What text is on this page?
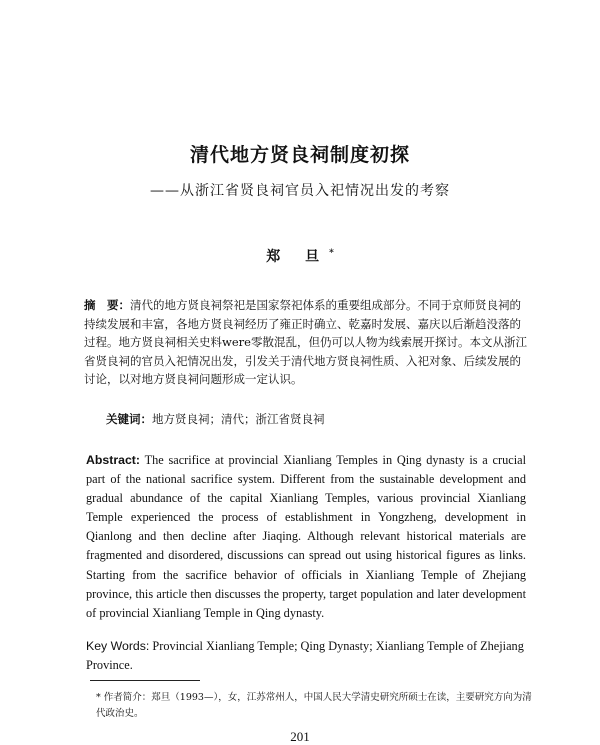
清代地方贤良祠制度初探
——从浙江省贤良祠官员入祀情况出发的考察
郑 旦*
摘　要：清代的地方贤良祠祭祀是国家祭祀体系的重要组成部分。不同于京师贤良祠的持续发展和丰富，各地方贤良祠经历了雍正时确立、乾嘉时发展、嘉庆以后渐趋没落的过程。地方贤良祠相关史料were零散混乱，但仍可以人物为线索展开探讨。本文从浙江省贤良祠的官员入祀情况出发，引发关于清代地方贤良祠性质、入祀对象、后续发展的讨论，以对地方贤良祠问题形成一定认识。
关键词：地方贤良祠；清代；浙江省贤良祠
Abstract: The sacrifice at provincial Xianliang Temples in Qing dynasty is a crucial part of the national sacrifice system. Different from the sustainable development and gradual abundance of the capital Xianliang Temples, various provincial Xianliang Temple experienced the process of establishment in Yongzheng, development in Qianlong and then decline after Jiaqing. Although relevant historical materials are fragmented and disordered, discussions can spread out using historical figures as links. Starting from the sacrifice behavior of officials in Xianliang Temple of Zhejiang province, this article then discusses the property, target population and later development of provincial Xianliang Temple in Qing dynasty.
Key Words: Provincial Xianliang Temple; Qing Dynasty; Xianliang Temple of Zhejiang Province.
* 作者简介：郑旦（1993—），女，江苏常州人，中国人民大学清史研究所硕士在读，主要研究方向为清代政治史。
201
